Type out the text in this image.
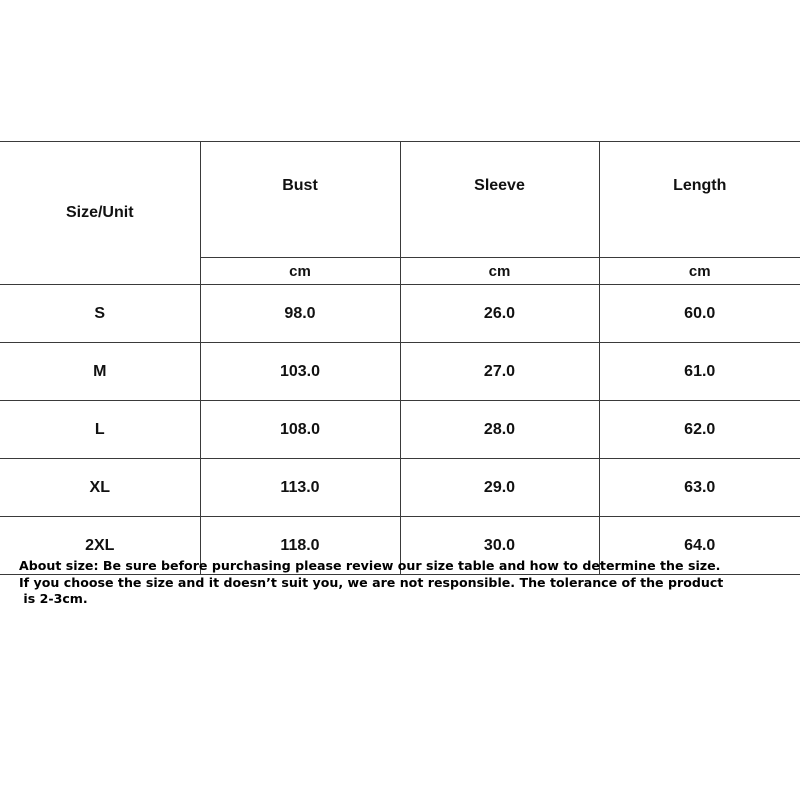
Size/Unit	Bust	Sleeve	Length
	cm	cm	cm
S	98.0	26.0	60.0
M	103.0	27.0	61.0
L	108.0	28.0	62.0
XL	113.0	29.0	63.0
2XL	118.0	30.0	64.0
About size: Be sure before purchasing please review our size table and how to determine the size.
If you choose the size and it doesn’t suit you, we are not responsible. The tolerance of the product
is 2-3cm.
